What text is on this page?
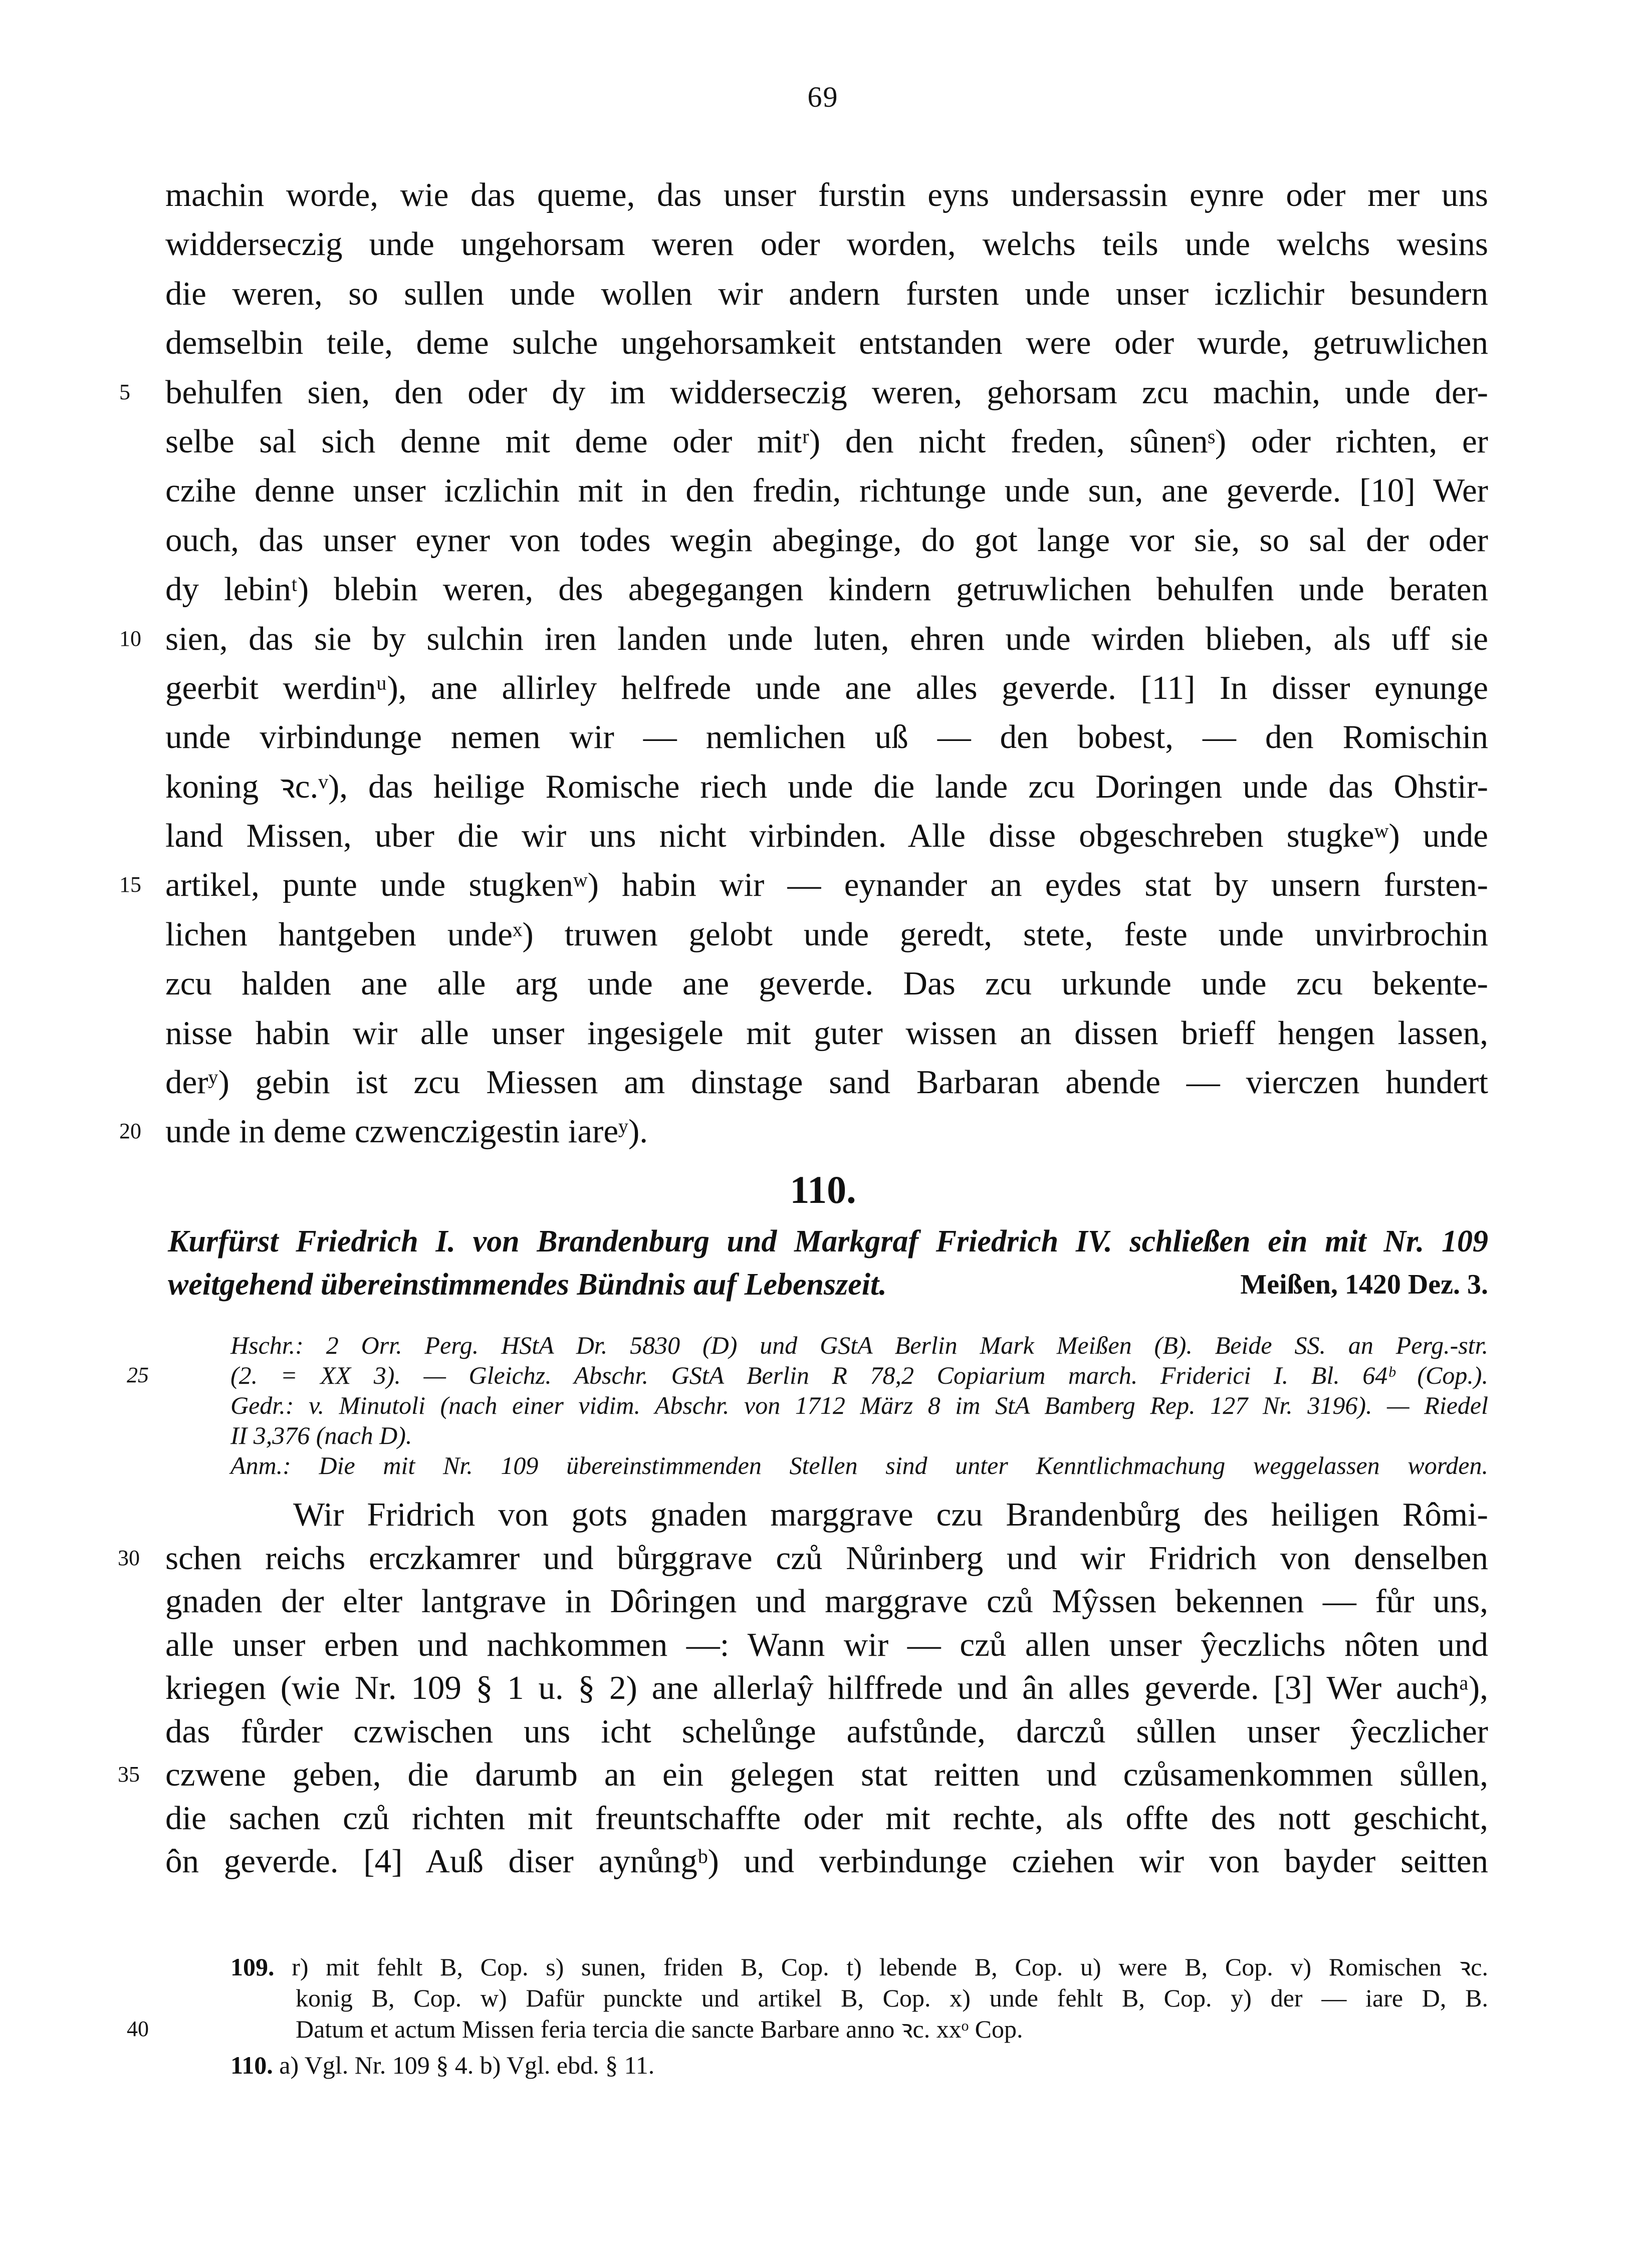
69
machin worde, wie das queme, das unser furstin eyns undersassin eynre oder mer uns
widderseczig unde ungehorsam weren oder worden, welchs teils unde welchs wesins
die weren, so sullen unde wollen wir andern fursten unde unser iczlichir besundern
demselbin teile, deme sulche ungehorsamkeit entstanden were oder wurde, getruwlichen
5	behulfen sien, den oder dy im widderseczig weren, gehorsam zcu machin, unde der-
selbe sal sich denne mit deme oder mitʳ) den nicht freden, sûnenˢ) oder richten, er
czihe denne unser iczlichin mit in den fredin, richtunge unde sun, ane geverde. [10] Wer
ouch, das unser eyner von todes wegin abeginge, do got lange vor sie, so sal der oder
dy lebinᵗ) blebin weren, des abegegangen kindern getruwlichen behulfen unde beraten
10 sien, das sie by sulchin iren landen unde luten, ehren unde wirden blieben, als uff sie
geerbit werdinᵘ), ane allirley helfrede unde ane alles geverde. [11] In disser eynunge
unde virbindunge nemen wir — nemlichen uß — den bobest, — den Romischin
koning ꝛc.ᵛ), das heilige Romische riech unde die lande zcu Doringen unde das Ohstir-
land Missen, uber die wir uns nicht virbinden. Alle disse obgeschreben stugkeʷ) unde
15 artikel, punte unde stugkenʷ) habin wir — eynander an eydes stat by unsern fursten-
lichen hantgeben undeˣ) truwen gelobt unde geredt, stete, feste unde unvirbrochin
zcu halden ane alle arg unde ane geverde. Das zcu urkunde unde zcu bekente-
nisse habin wir alle unser ingesigele mit guter wissen an dissen brieff hengen lassen,
derʸ) gebin ist zcu Miessen am dinstage sand Barbaran abende — vierczen hundert
20 unde in deme czwenczigestin iareʸ).
110.
Kurfürst Friedrich I. von Brandenburg und Markgraf Friedrich IV. schließen ein mit Nr. 109
weitgehend übereinstimmendes Bündnis auf Lebenszeit.	Meißen, 1420 Dez. 3.
Hschr.: 2 Orr. Perg. HStA Dr. 5830 (D) und GStA Berlin Mark Meißen (B). Beide SS. an Perg.-str.
25	(2. = XX 3). — Gleichz. Abschr. GStA Berlin R 78,2 Copiarium march. Friderici I. Bl. 64ᵇ (Cop.).
Gedr.: v. Minutoli (nach einer vidim. Abschr. von 1712 März 8 im StA Bamberg Rep. 127 Nr. 3196). — Riedel
II 3,376 (nach D).
Anm.: Die mit Nr. 109 übereinstimmenden Stellen sind unter Kenntlichmachung weggelassen worden.
Wir Fridrich von gots gnaden marggrave czu Brandenbůrg des heiligen Rômi-
30 schen reichs erczkamrer und bůrggrave czů Nůrinberg und wir Fridrich von denselben
gnaden der elter lantgrave in Dôringen und marggrave czů Mŷssen bekennen — fůr uns,
alle unser erben und nachkommen —: Wann wir — czů allen unser ŷeczlichs nôten und
kriegen (wie Nr. 109 § 1 u. § 2) ane allerlaŷ hilffrede und ân alles geverde. [3] Wer auchᵃ),
das fůrder czwischen uns icht schelůnge aufstůnde, darczů sůllen unser ŷeczlicher
35 czwene geben, die darumb an ein gelegen stat reitten und czůsamenkommen sůllen,
die sachen czů richten mit freuntschaffte oder mit rechte, als offte des nott geschicht,
ôn geverde. [4] Auß diser aynůngᵇ) und verbindunge cziehen wir von bayder seitten
109. r) mit fehlt B, Cop. s) sunen, friden B, Cop. t) lebende B, Cop. u) were B, Cop. v) Romischen ꝛc.
konig B, Cop. w) Dafür punckte und artikel B, Cop. x) unde fehlt B, Cop. y) der — iare D, B.
40	Datum et actum Missen feria tercia die sancte Barbare anno ꝛc. xxᵒ Cop.
110. a) Vgl. Nr. 109 § 4. b) Vgl. ebd. § 11.
